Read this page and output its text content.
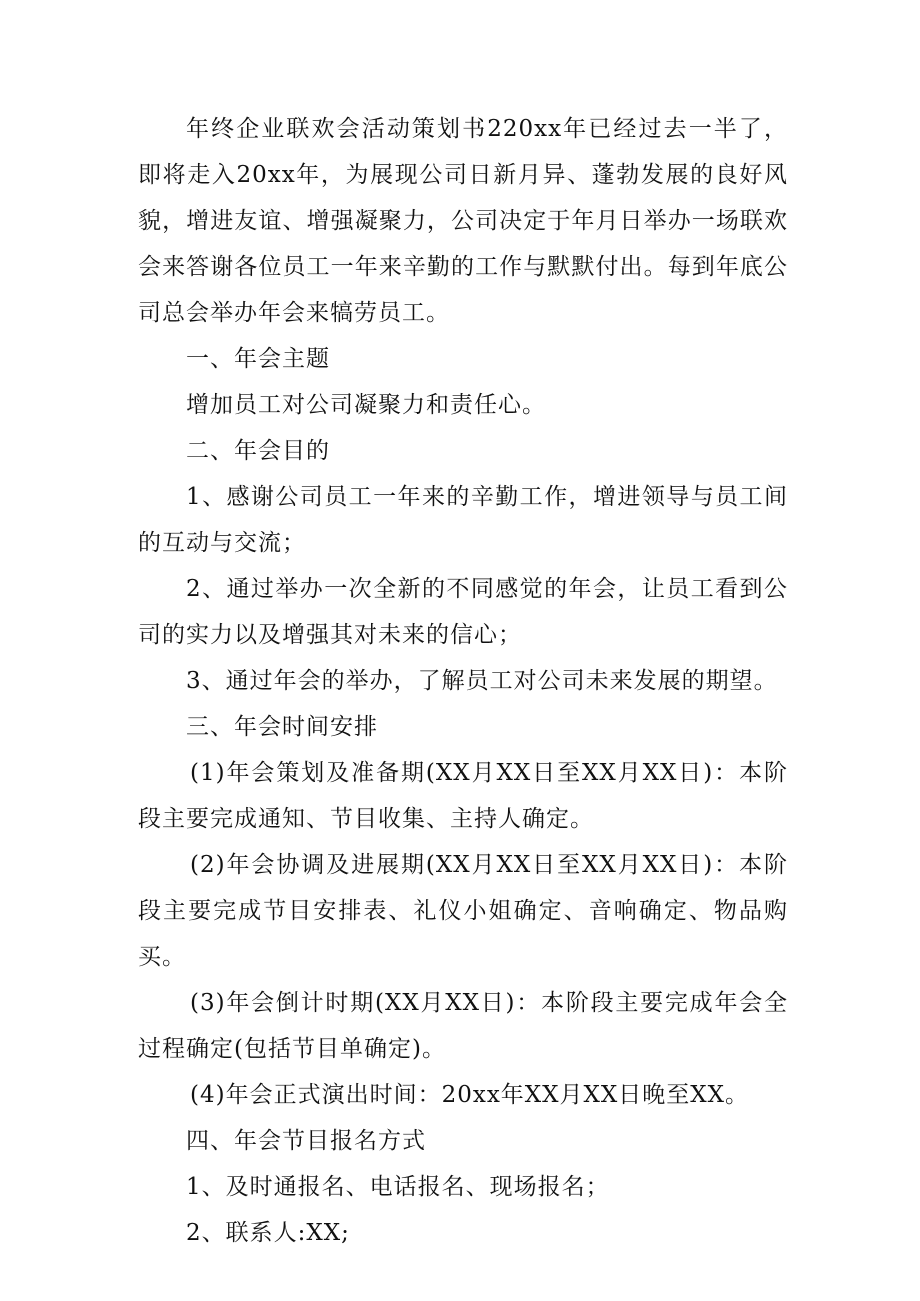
年终企业联欢会活动策划书220xx年已经过去一半了，即将走入20xx年，为展现公司日新月异、蓬勃发展的良好风貌，增进友谊、增强凝聚力，公司决定于年月日举办一场联欢会来答谢各位员工一年来辛勤的工作与默默付出。每到年底公司总会举办年会来犒劳员工。

一、年会主题

增加员工对公司凝聚力和责任心。

二、年会目的

1、感谢公司员工一年来的辛勤工作，增进领导与员工间的互动与交流；

2、通过举办一次全新的不同感觉的年会，让员工看到公司的实力以及增强其对未来的信心；

3、通过年会的举办，了解员工对公司未来发展的期望。

三、年会时间安排

(1)年会策划及准备期(XX月XX日至XX月XX日)：本阶段主要完成通知、节目收集、主持人确定。

(2)年会协调及进展期(XX月XX日至XX月XX日)：本阶段主要完成节目安排表、礼仪小姐确定、音响确定、物品购买。

(3)年会倒计时期(XX月XX日)：本阶段主要完成年会全过程确定(包括节目单确定)。

(4)年会正式演出时间：20xx年XX月XX日晚至XX。

四、年会节目报名方式

1、及时通报名、电话报名、现场报名；

2、联系人:XX;
